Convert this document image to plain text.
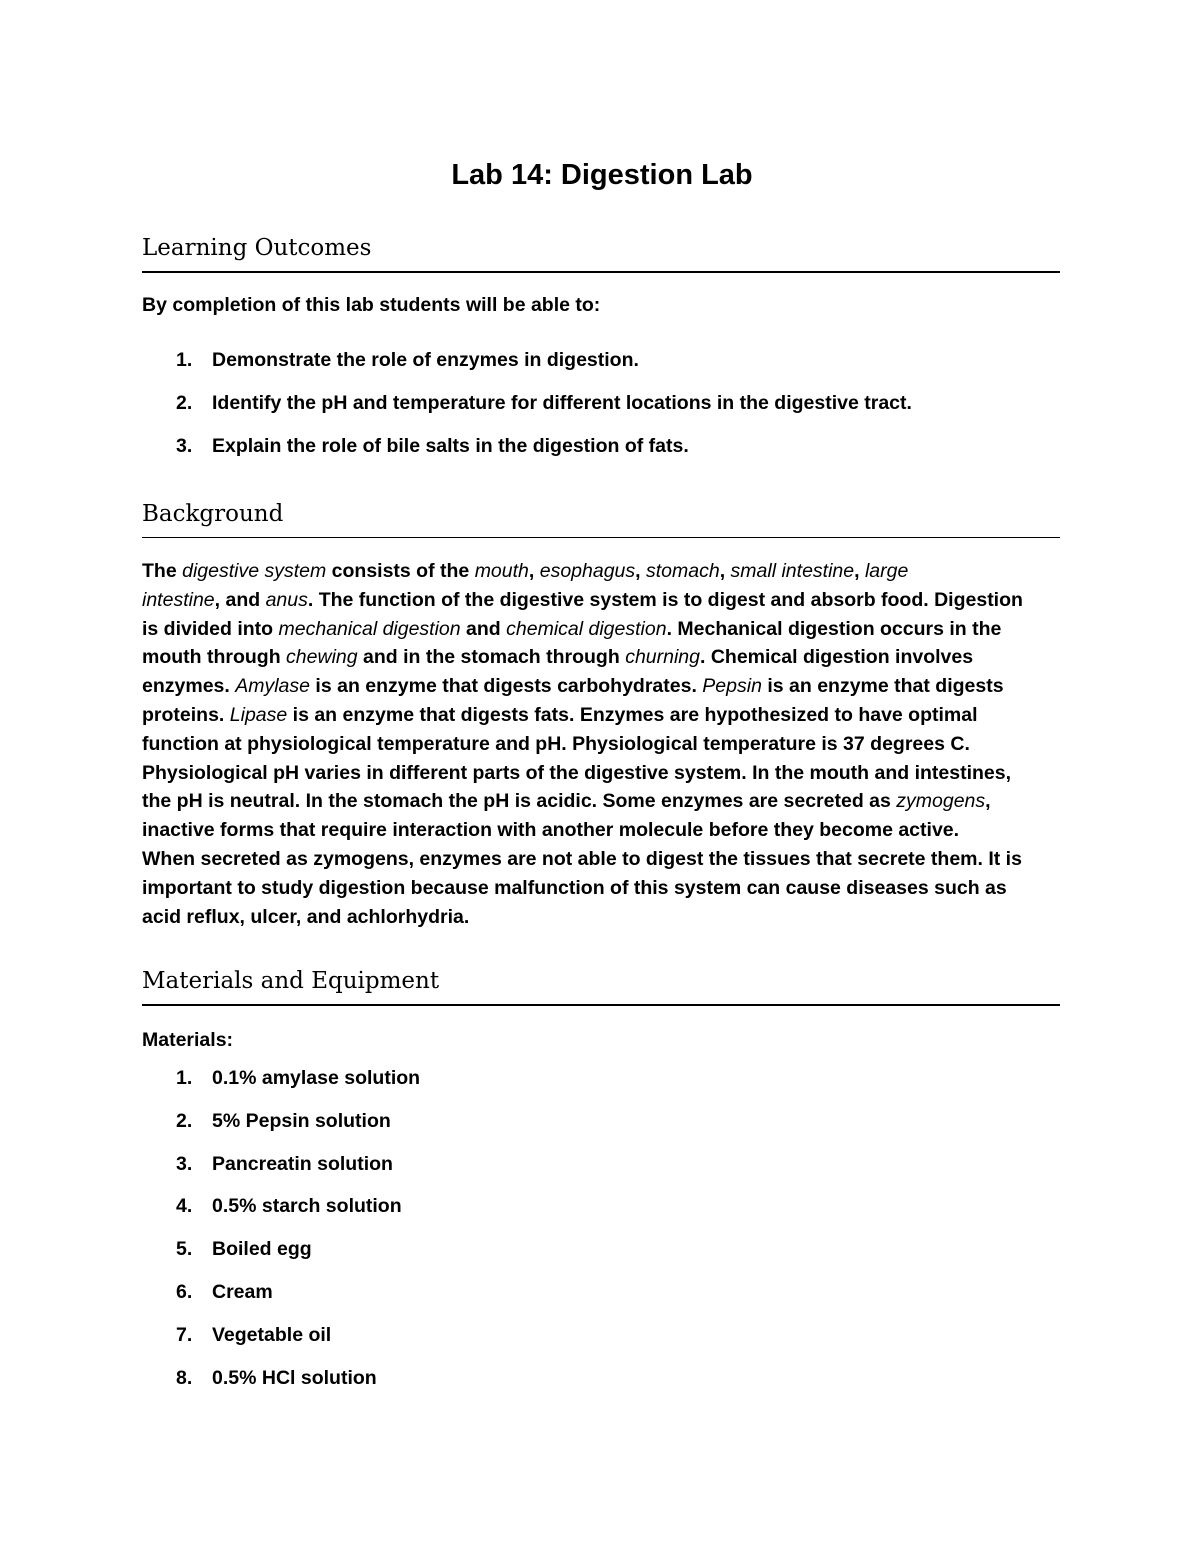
Lab 14: Digestion Lab
Learning Outcomes
By completion of this lab students will be able to:
1. Demonstrate the role of enzymes in digestion.
2. Identify the pH and temperature for different locations in the digestive tract.
3. Explain the role of bile salts in the digestion of fats.
Background

The digestive system consists of the mouth, esophagus, stomach, small intestine, large
intestine, and anus. The function of the digestive system is to digest and absorb food. Digestion
is divided into mechanical digestion and chemical digestion. Mechanical digestion occurs in the
mouth through chewing and in the stomach through churning. Chemical digestion involves
enzymes. Amylase is an enzyme that digests carbohydrates. Pepsin is an enzyme that digests
proteins. Lipase is an enzyme that digests fats. Enzymes are hypothesized to have optimal
function at physiological temperature and pH. Physiological temperature is 37 degrees C.
Physiological pH varies in different parts of the digestive system. In the mouth and intestines,
the pH is neutral. In the stomach the pH is acidic. Some enzymes are secreted as zymogens,
inactive forms that require interaction with another molecule before they become active.
When secreted as zymogens, enzymes are not able to digest the tissues that secrete them. It is
important to study digestion because malfunction of this system can cause diseases such as
acid reflux, ulcer, and achlorhydria.

Materials and Equipment
Materials:
1. 0.1% amylase solution
2. 5% Pepsin solution
3. Pancreatin solution
4. 0.5% starch solution
5. Boiled egg
6. Cream
7. Vegetable oil
8. 0.5% HCl solution
